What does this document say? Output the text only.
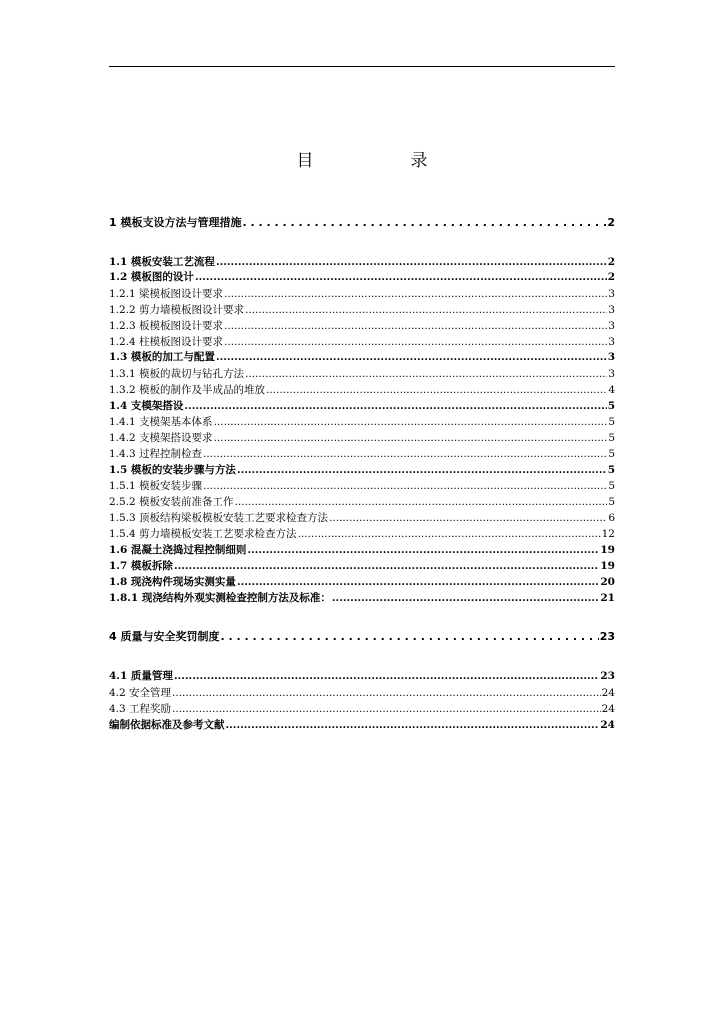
目　录
1 模板支设方法与管理措施 . . .	2
1.1 模板安装工艺流程 .....	2
1.2 模板图的设计 .....	2
1.2.1 梁模板图设计要求 .....	3
1.2.2 剪力墙模板图设计要求 .....	3
1.2.3 板模板图设计要求 .....	3
1.2.4 柱模板图设计要求 .....	3
1.3 模板的加工与配置 .....	3
1.3.1 模板的裁切与钻孔方法 .....	3
1.3.2 模板的制作及半成品的堆放 .....	4
1.4 支模架搭设 .....	5
1.4.1 支模架基本体系 .....	5
1.4.2 支模架搭设要求 .....	5
1.4.3 过程控制检查 .....	5
1.5 模板的安装步骤与方法 .....	5
1.5.1 模板安装步骤 .....	5
2.5.2 模板安装前准备工作 .....	5
1.5.3 顶板结构梁板模板安装工艺要求检查方法 .....	6
1.5.4 剪力墙模板安装工艺要求检查方法 .....	12
1.6 混凝土浇捣过程控制细则 .....	19
1.7 模板拆除 .....	19
1.8 现浇构件现场实测实量 .....	20
1.8.1 现浇结构外观实测检查控制方法及标准： .....	21
4 质量与安全奖罚制度 . . .	23
4.1 质量管理 .....	23
4.2 安全管理 .....	24
4.3 工程奖励 .....	24
编制依据标准及参考文献 .....	24
